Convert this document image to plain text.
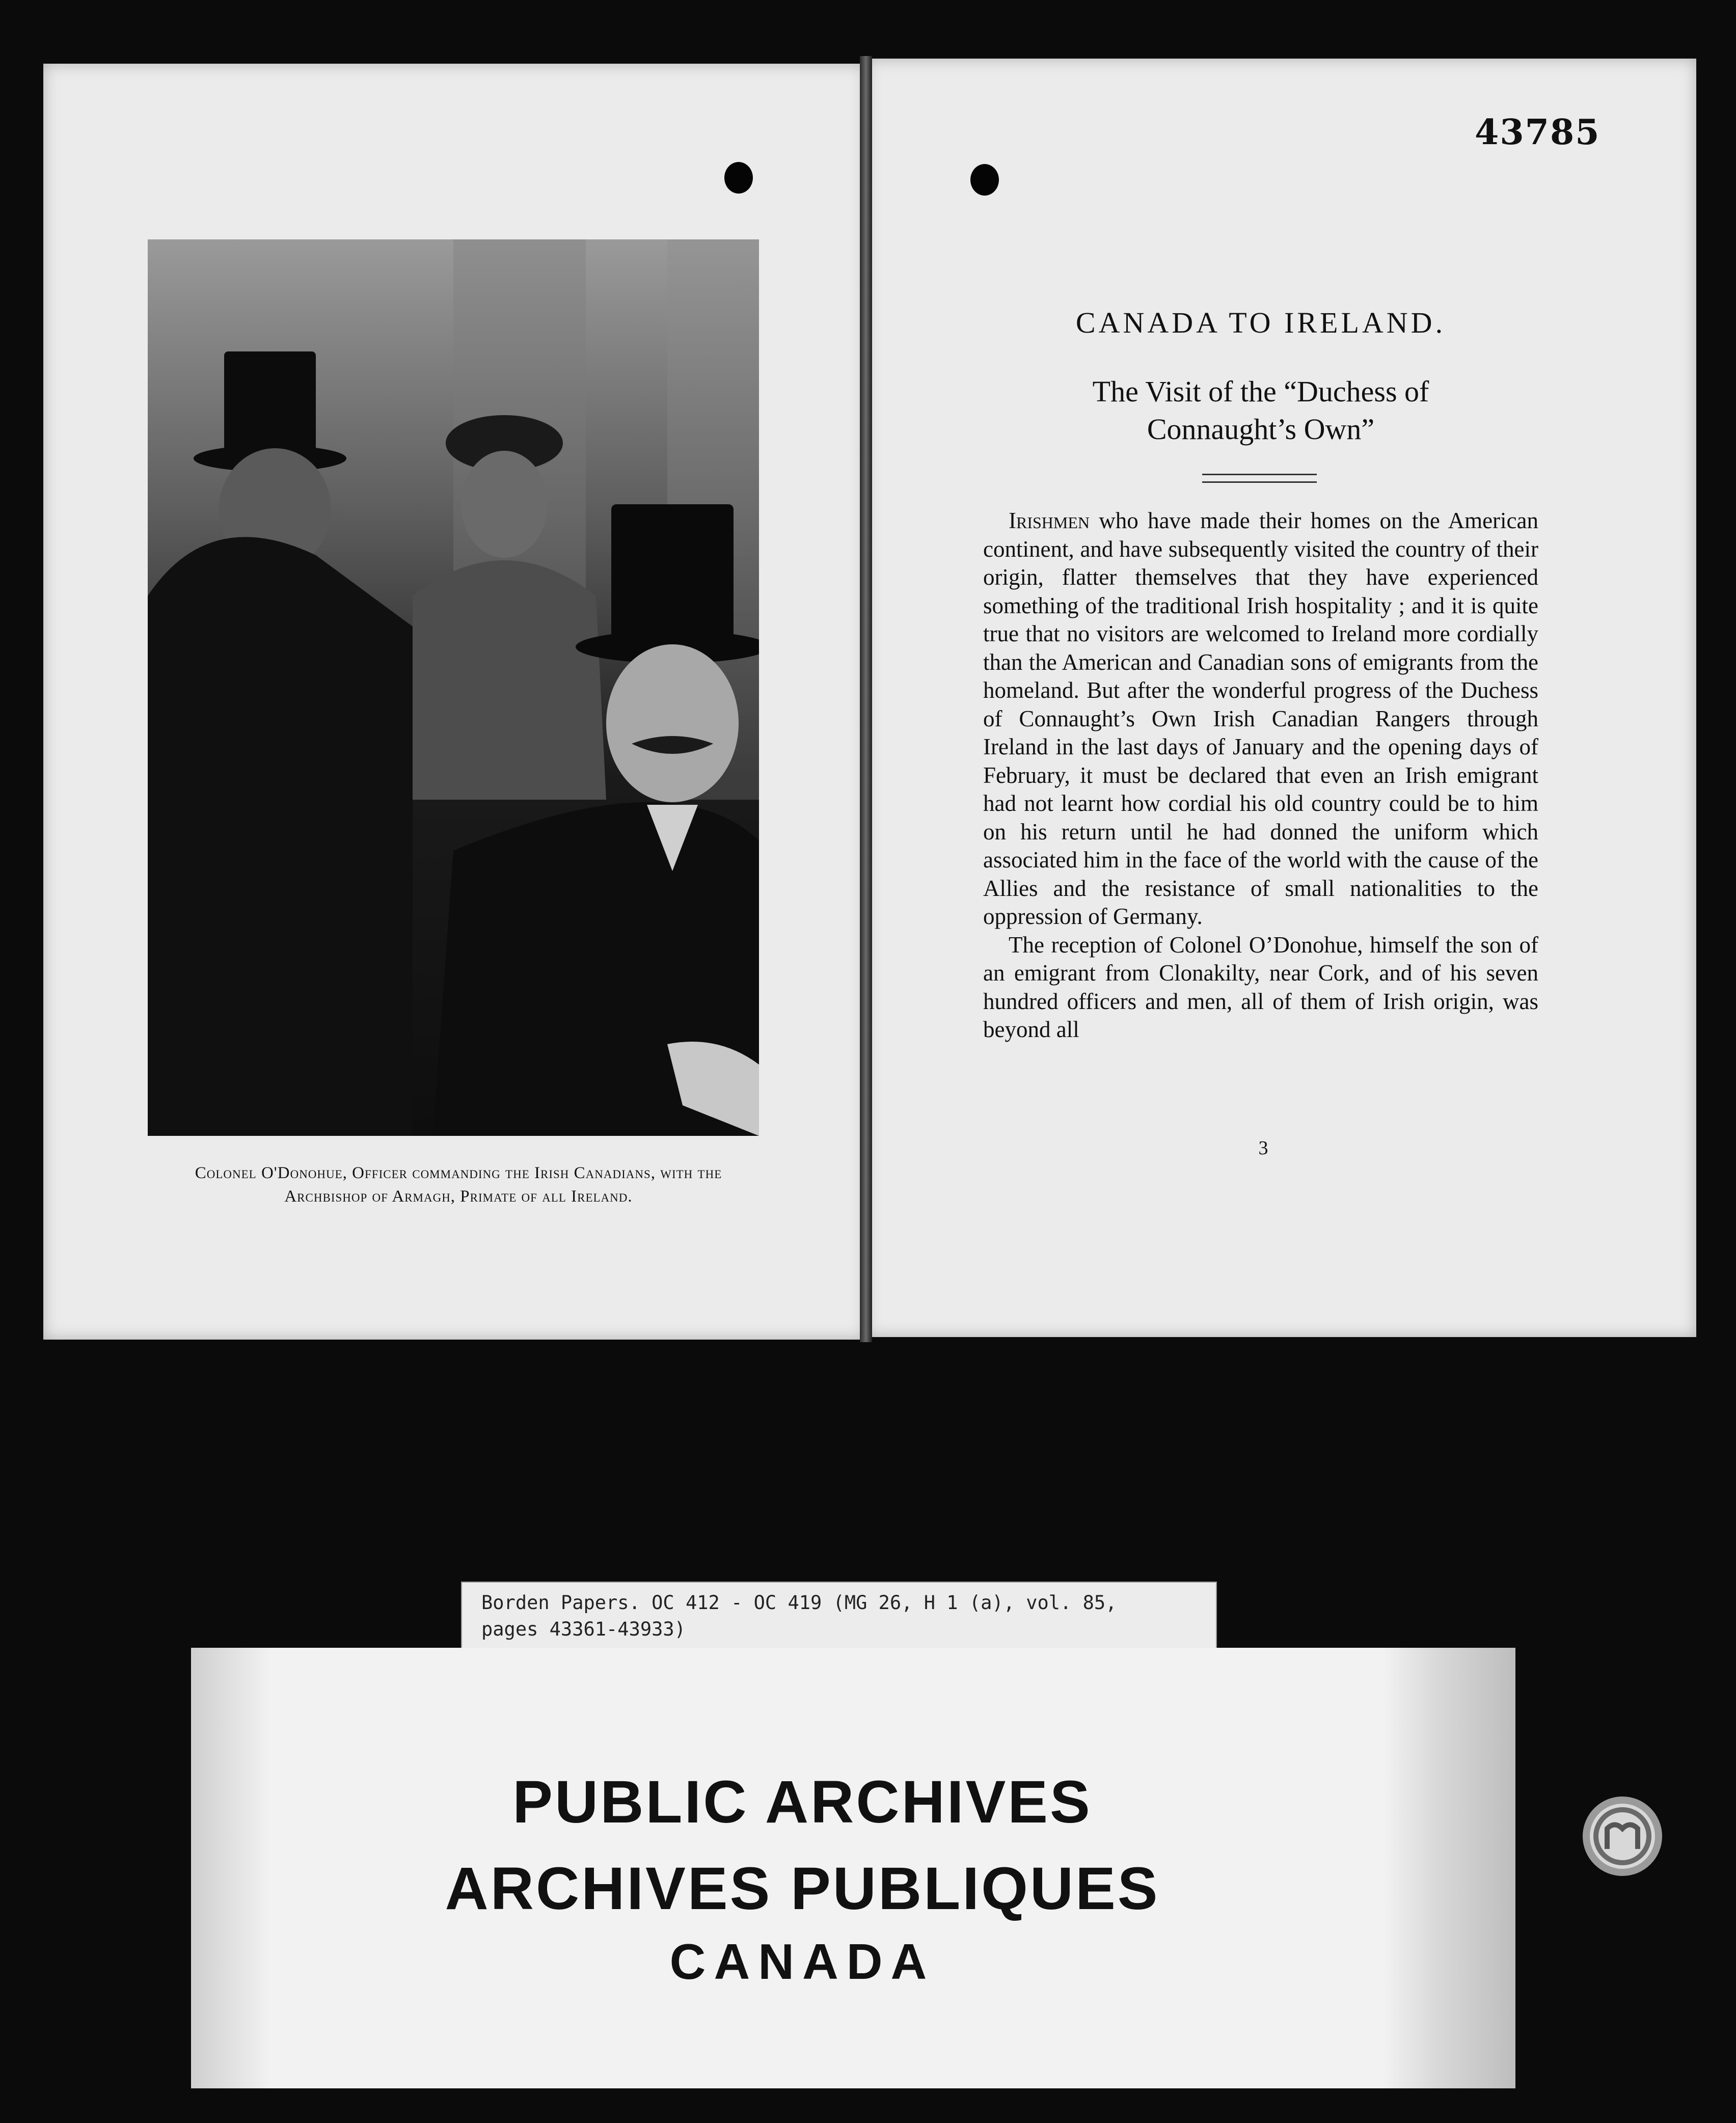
Colonel O'Donohue, Officer commanding the Irish Canadians, with the Archbishop of Armagh, Primate of all Ireland.
43785
CANADA TO IRELAND.
The Visit of the “Duchess of
Connaught’s Own”

Irishmen who have made their homes on the American continent, and have subsequently visited the country of their origin, flatter themselves that they have experienced something of the traditional Irish hospitality ; and it is quite true that no visitors are welcomed to Ireland more cordially than the American and Canadian sons of emigrants from the homeland. But after the wonderful progress of the Duchess of Connaught’s Own Irish Canadian Rangers through Ireland in the last days of January and the opening days of February, it must be declared that even an Irish emigrant had not learnt how cordial his old country could be to him on his return until he had donned the uniform which associated him in the face of the world with the cause of the Allies and the resistance of small nationalities to the oppression of Germany.

The reception of Colonel O’Donohue, himself the son of an emigrant from Clonakilty, near Cork, and of his seven hundred officers and men, all of them of Irish origin, was beyond all

3
Borden Papers. OC 412 - OC 419 (MG 26, H 1 (a), vol. 85,
pages 43361-43933)
PUBLIC ARCHIVES
ARCHIVES PUBLIQUES
CANADA
